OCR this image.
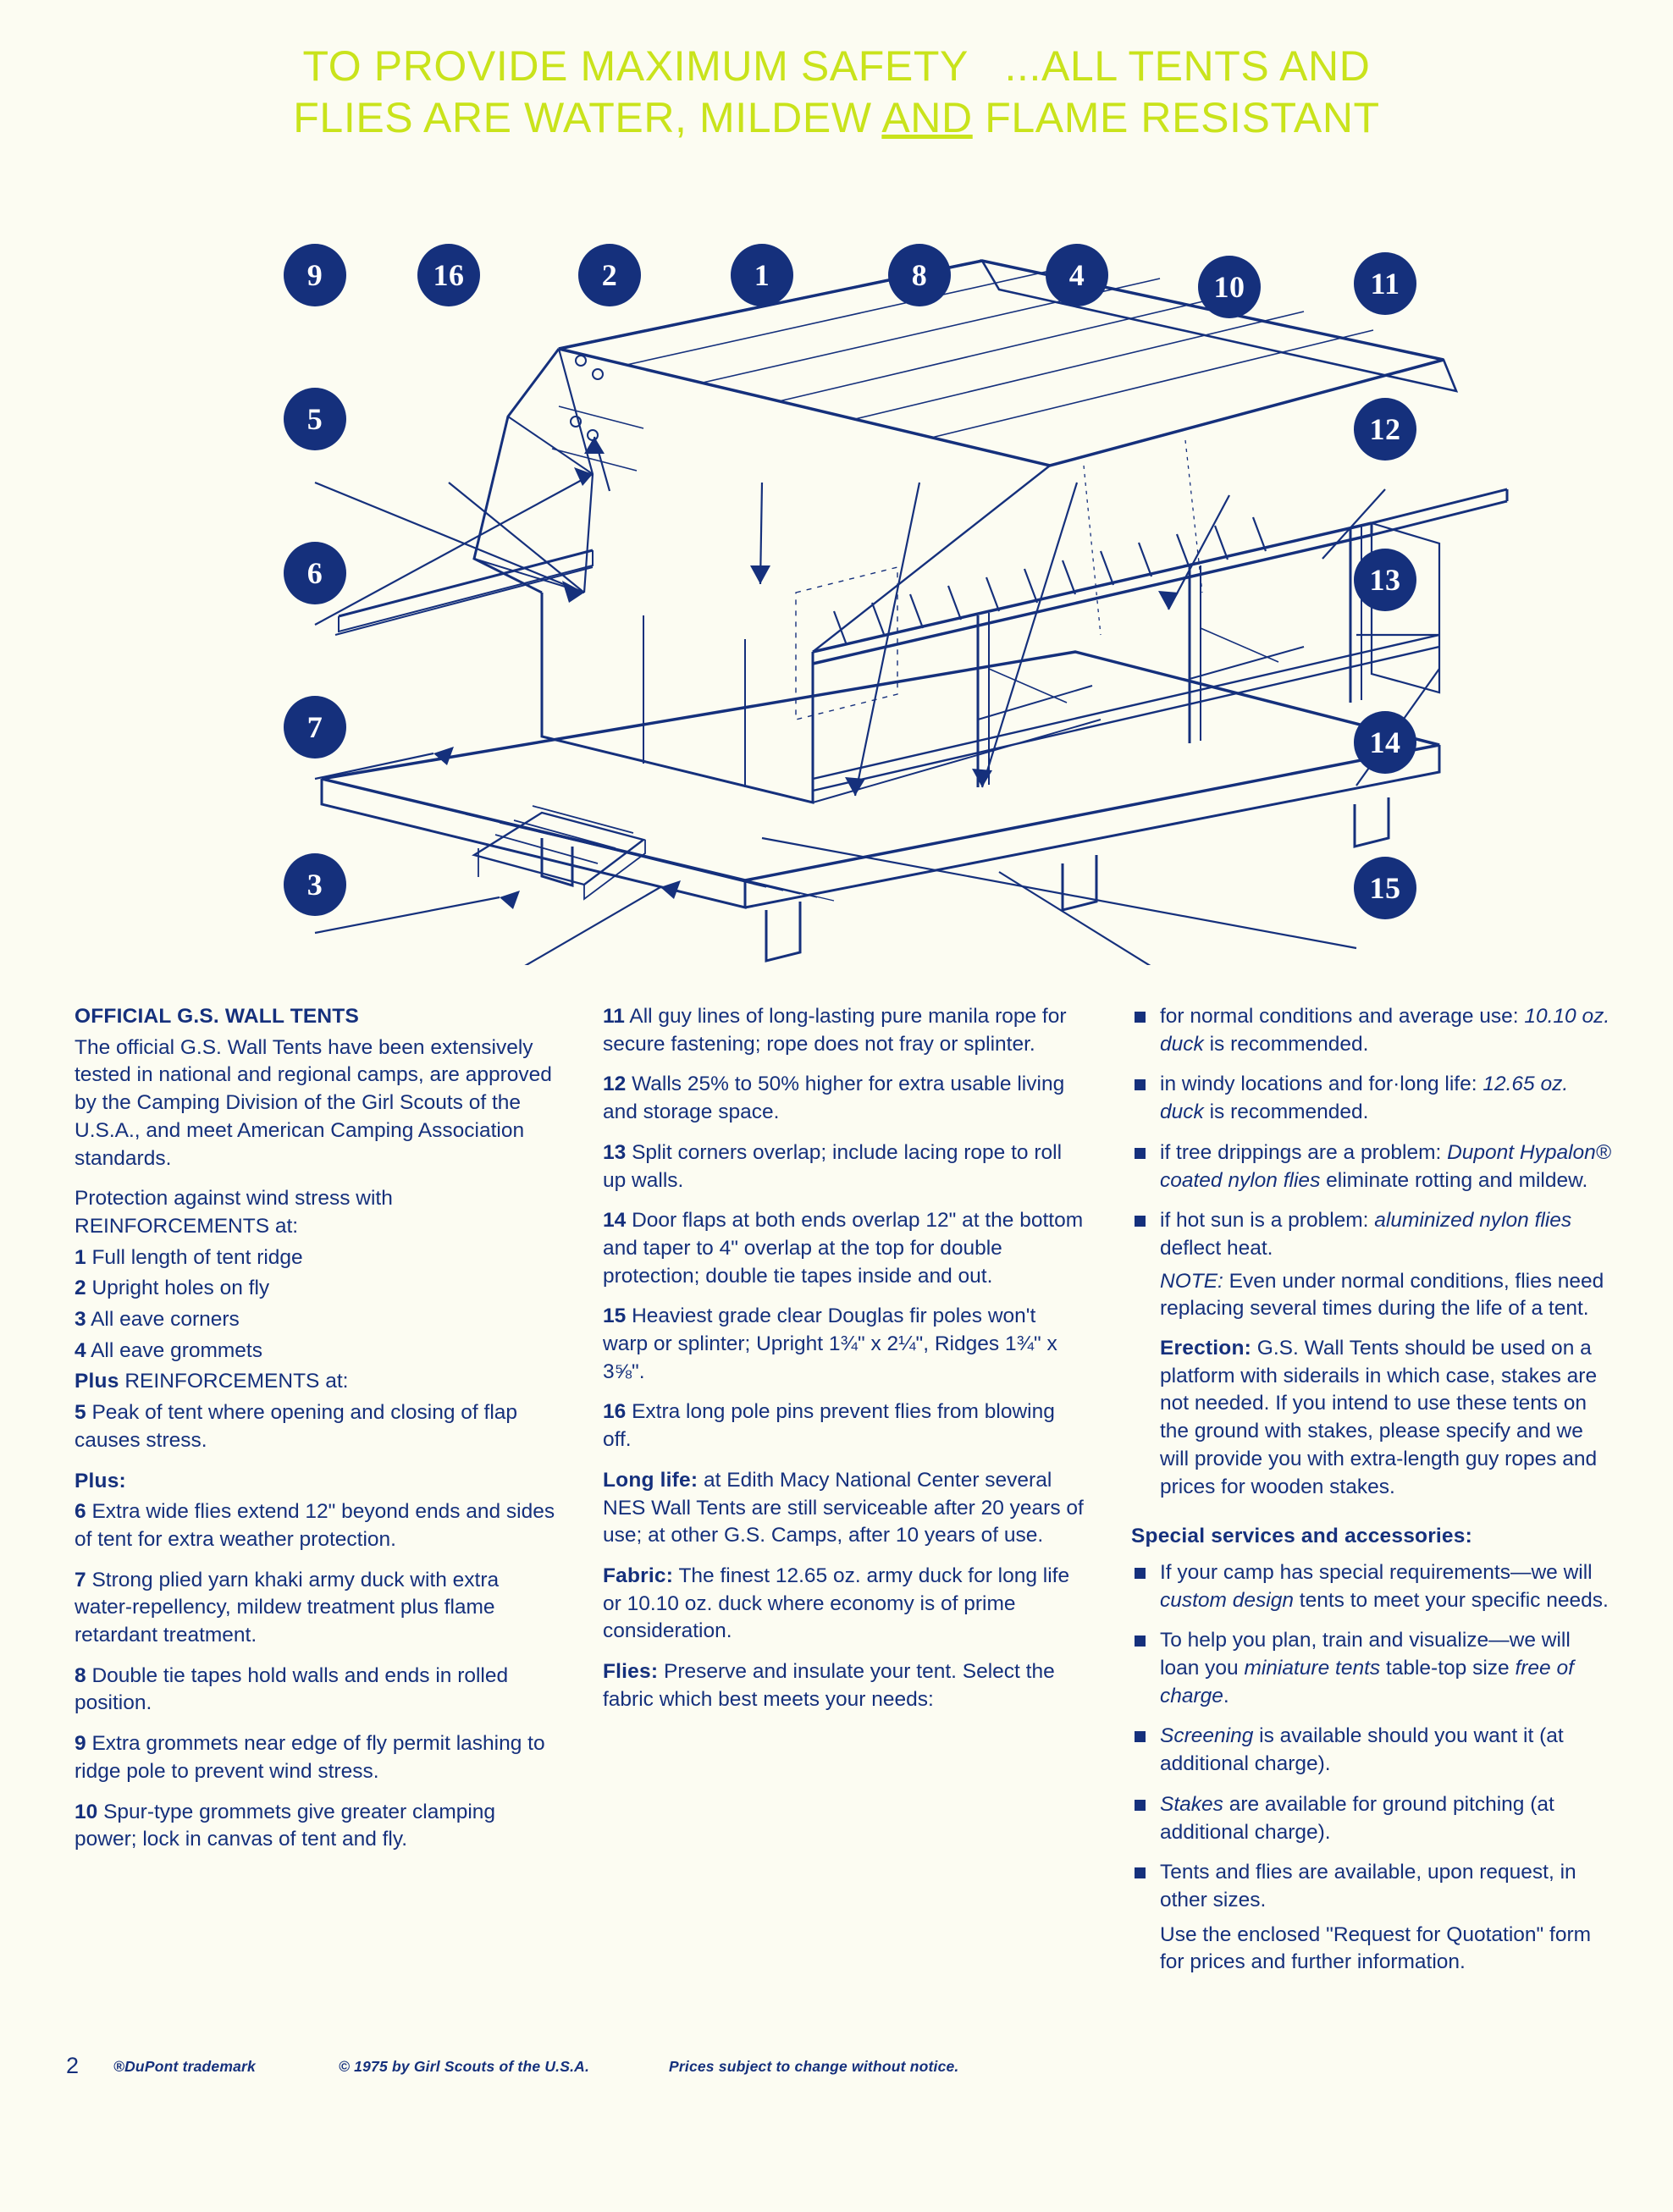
TO PROVIDE MAXIMUM SAFETY   ...ALL TENTS AND
FLIES ARE WATER, MILDEW AND FLAME RESISTANT
9	16	2	1	8	4	10	11
5	12
6	13
7	14
3	15

OFFICIAL G.S. WALL TENTS

The official G.S. Wall Tents have been extensively tested in national and regional camps, are approved by the Camping Division of the Girl Scouts of the U.S.A., and meet American Camping Association standards.

Protection against wind stress with REINFORCEMENTS at:

1 Full length of tent ridge

2 Upright holes on fly

3 All eave corners

4 All eave grommets

Plus REINFORCEMENTS at:

5 Peak of tent where opening and closing of flap causes stress.

Plus:

6 Extra wide flies extend 12" beyond ends and sides of tent for extra weather protection.

7 Strong plied yarn khaki army duck with extra water-repellency, mildew treatment plus flame retardant treatment.

8 Double tie tapes hold walls and ends in rolled position.

9 Extra grommets near edge of fly permit lashing to ridge pole to prevent wind stress.

10 Spur-type grommets give greater clamping power; lock in canvas of tent and fly.

11 All guy lines of long-lasting pure manila rope for secure fastening; rope does not fray or splinter.

12 Walls 25% to 50% higher for extra usable living and storage space.

13 Split corners overlap; include lacing rope to roll up walls.

14 Door flaps at both ends overlap 12" at the bottom and taper to 4" overlap at the top for double protection; double tie tapes inside and out.

15 Heaviest grade clear Douglas fir poles won't warp or splinter; Upright 1¾" x 2¼", Ridges 1¾" x 3⅝".

16 Extra long pole pins prevent flies from blowing off.

Long life: at Edith Macy National Center several NES Wall Tents are still serviceable after 20 years of use; at other G.S. Camps, after 10 years of use.

Fabric: The finest 12.65 oz. army duck for long life or 10.10 oz. duck where economy is of prime consideration.

Flies: Preserve and insulate your tent. Select the fabric which best meets your needs:

for normal conditions and average use: 10.10 oz. duck is recommended.
in windy locations and for·long life: 12.65 oz. duck is recommended.
if tree drippings are a problem: Dupont Hypalon® coated nylon flies eliminate rotting and mildew.
if hot sun is a problem: aluminized nylon flies deflect heat.
NOTE: Even under normal conditions, flies need replacing several times during the life of a tent.
Erection: G.S. Wall Tents should be used on a platform with siderails in which case, stakes are not needed. If you intend to use these tents on the ground with stakes, please specify and we will provide you with extra-length guy ropes and prices for wooden stakes.

Special services and accessories:

If your camp has special requirements—we will custom design tents to meet your specific needs.
To help you plan, train and visualize—we will loan you miniature tents table-top size free of charge.
Screening is available should you want it (at additional charge).
Stakes are available for ground pitching (at additional charge).
Tents and flies are available, upon request, in other sizes.
Use the enclosed "Request for Quotation" form for prices and further information.
2 ®DuPont trademark	© 1975 by Girl Scouts of the U.S.A.	Prices subject to change without notice.
